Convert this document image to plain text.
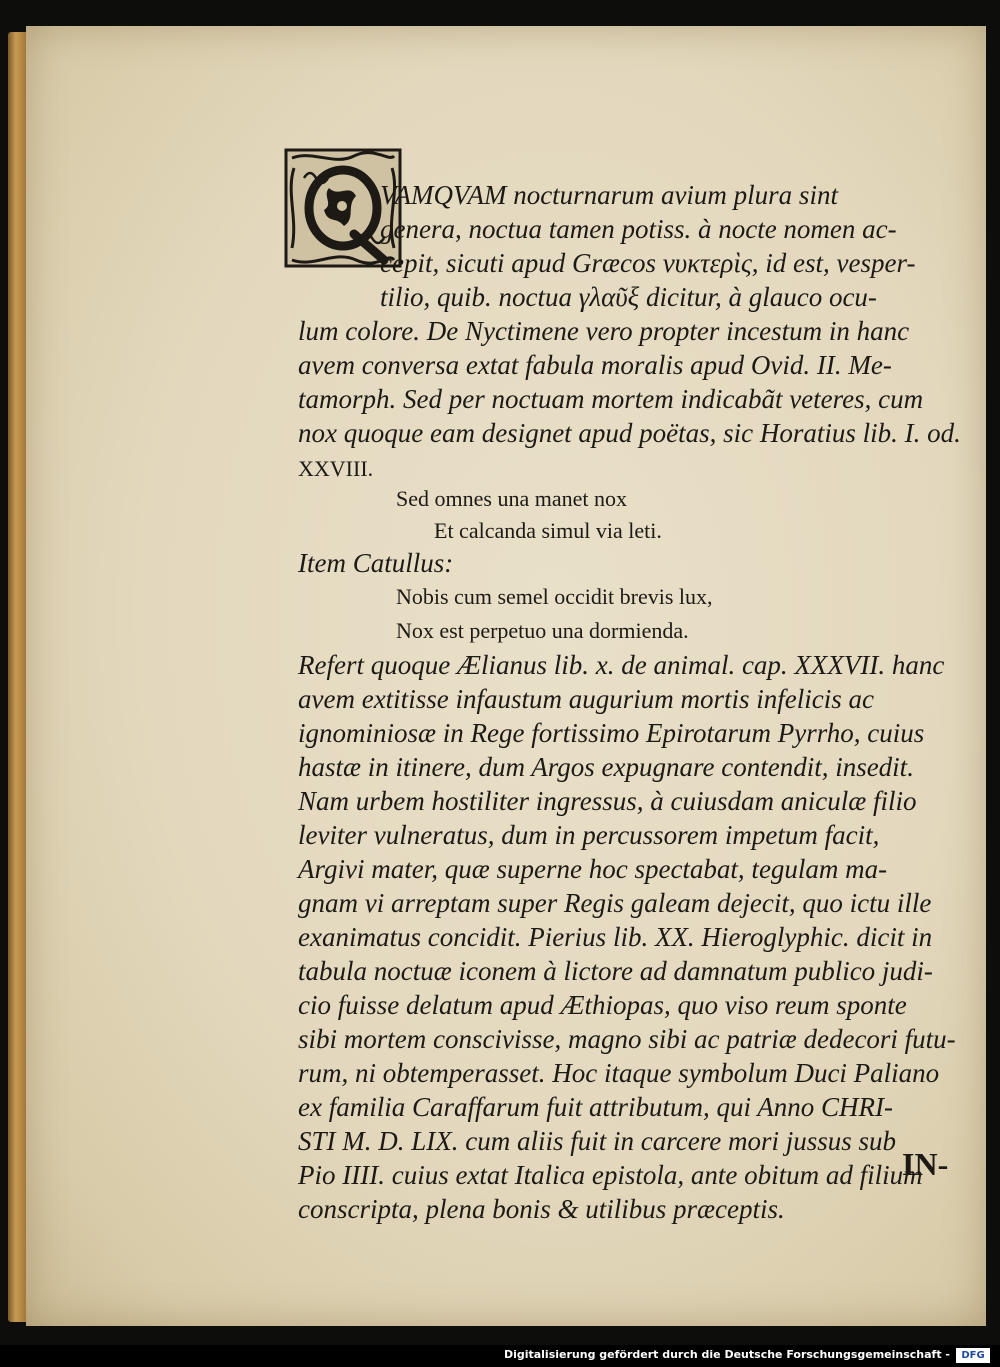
VAMQVAM nocturnarum avium plura sint
genera, noctua tamen potiss. à nocte nomen ac-
cepit, sicuti apud Græcos νυκτερὶς, id est, vesper-
tilio, quib. noctua γλαῦξ dicitur, à glauco ocu-
lum colore. De Nyctimene vero propter incestum in hanc
avem conversa extat fabula moralis apud Ovid. II. Me-
tamorph. Sed per noctuam mortem indicabãt veteres, cum
nox quoque eam designet apud poëtas, sic Horatius lib. I. od.
XXVIII.
Sed omnes una manet nox
Et calcanda simul via leti.
Item Catullus:
Nobis cum semel occidit brevis lux,
Nox est perpetuo una dormienda.
Refert quoque Ælianus lib. x. de animal. cap. XXXVII. hanc
avem extitisse infaustum augurium mortis infelicis ac
ignominiosæ in Rege fortissimo Epirotarum Pyrrho, cuius
hastæ in itinere, dum Argos expugnare contendit, insedit.
Nam urbem hostiliter ingressus, à cuiusdam aniculæ filio
leviter vulneratus, dum in percussorem impetum facit,
Argivi mater, quæ superne hoc spectabat, tegulam ma-
gnam vi arreptam super Regis galeam dejecit, quo ictu ille
exanimatus concidit. Pierius lib. XX. Hieroglyphic. dicit in
tabula noctuæ iconem à lictore ad damnatum publico judi-
cio fuisse delatum apud Æthiopas, quo viso reum sponte
sibi mortem conscivisse, magno sibi ac patriæ dedecori futu-
rum, ni obtemperasset. Hoc itaque symbolum Duci Paliano
ex familia Caraffarum fuit attributum, qui Anno CHRI-
STI M. D. LIX. cum aliis fuit in carcere mori jussus sub
Pio IIII. cuius extat Italica epistola, ante obitum ad filium
conscripta, plena bonis & utilibus præceptis.
IN-
Digitalisierung gefördert durch die Deutsche Forschungsgemeinschaft -	DFG
